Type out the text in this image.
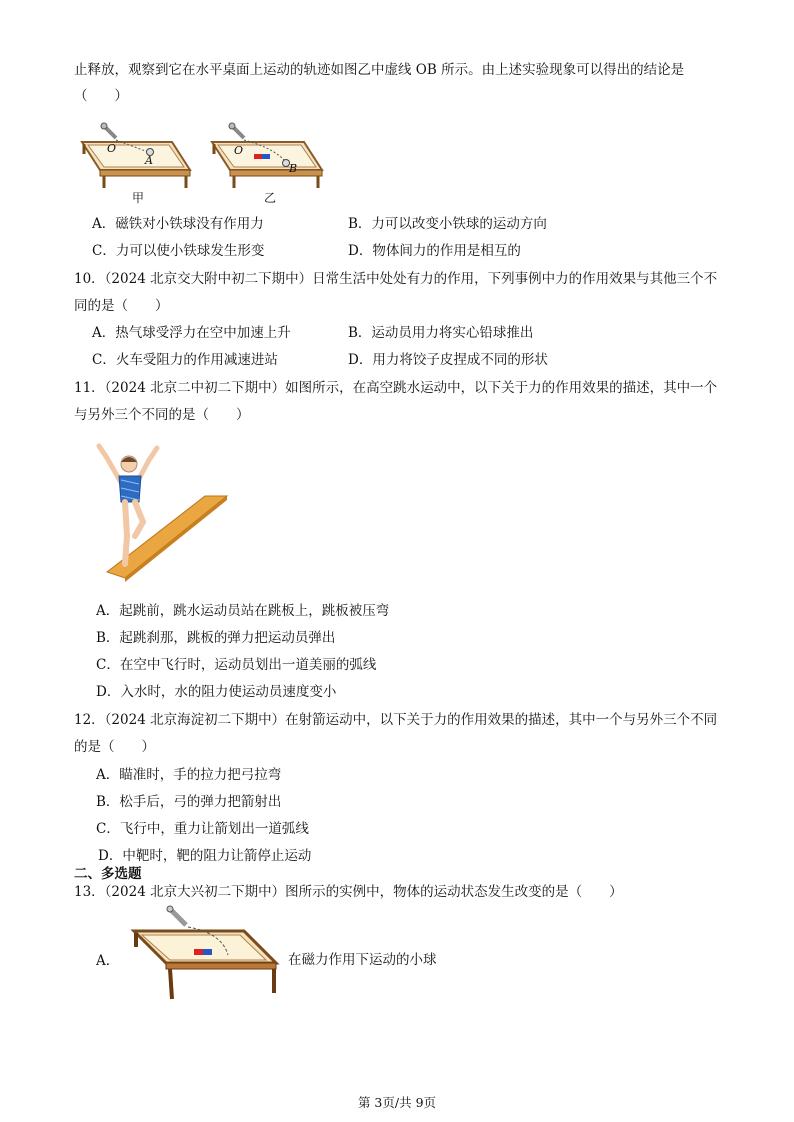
止释放，观察到它在水平桌面上运动的轨迹如图乙中虚线 OB 所示。由上述实验现象可以得出的结论是
（　　）
O
A
甲
O
B
乙
A．磁铁对小铁球没有作用力	B．力可以改变小铁球的运动方向
C．力可以使小铁球发生形变	D．物体间力的作用是相互的
10．（2024 北京交大附中初二下期中）日常生活中处处有力的作用，下列事例中力的作用效果与其他三个不
同的是（　　）
A．热气球受浮力在空中加速上升	B．运动员用力将实心铅球推出
C．火车受阻力的作用减速进站	D．用力将饺子皮捏成不同的形状
11．（2024 北京二中初二下期中）如图所示，在高空跳水运动中，以下关于力的作用效果的描述，其中一个
与另外三个不同的是（　　）
A．起跳前，跳水运动员站在跳板上，跳板被压弯
B．起跳刹那，跳板的弹力把运动员弹出
C．在空中飞行时，运动员划出一道美丽的弧线
D．入水时，水的阻力使运动员速度变小
12．（2024 北京海淀初二下期中）在射箭运动中，以下关于力的作用效果的描述，其中一个与另外三个不同
的是（　　）
A．瞄准时，手的拉力把弓拉弯
B．松手后，弓的弹力把箭射出
C．飞行中，重力让箭划出一道弧线
D．中靶时，靶的阻力让箭停止运动
二、多选题
13．（2024 北京大兴初二下期中）图所示的实例中，物体的运动状态发生改变的是（　　）
A．	在磁力作用下运动的小球
第 3页/共 9页
